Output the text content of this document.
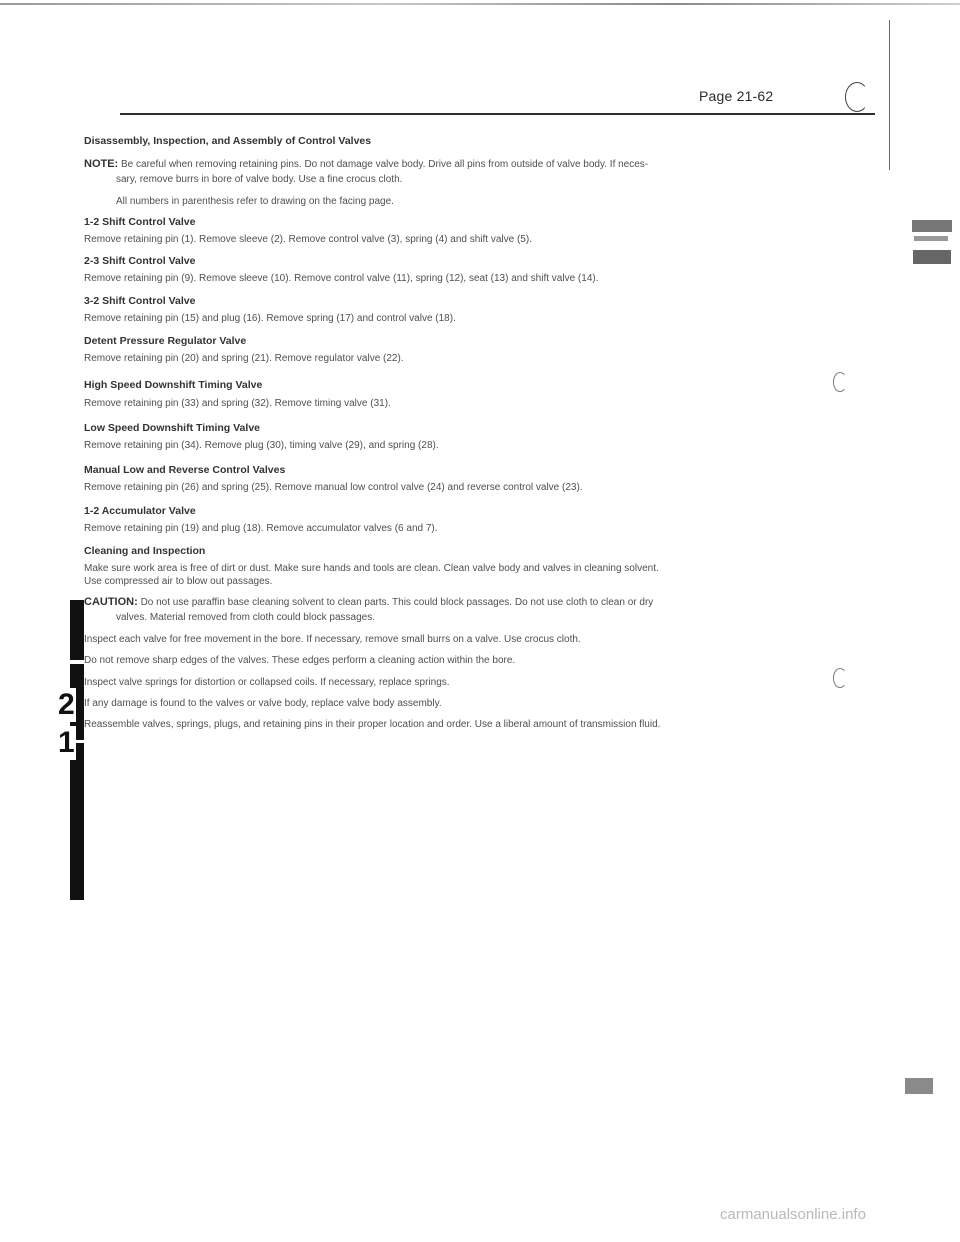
Page 21-62
Disassembly, Inspection, and Assembly of Control Valves
NOTE: Be careful when removing retaining pins. Do not damage valve body. Drive all pins from outside of valve body. If neces-
sary, remove burrs in bore of valve body. Use a fine crocus cloth.
All numbers in parenthesis refer to drawing on the facing page.
1-2 Shift Control Valve
Remove retaining pin (1). Remove sleeve (2). Remove control valve (3), spring (4) and shift valve (5).
2-3 Shift Control Valve
Remove retaining pin (9). Remove sleeve (10). Remove control valve (11), spring (12), seat (13) and shift valve (14).
3-2 Shift Control Valve
Remove retaining pin (15) and plug (16). Remove spring (17) and control valve (18).
Detent Pressure Regulator Valve
Remove retaining pin (20) and spring (21). Remove regulator valve (22).
High Speed Downshift Timing Valve
Remove retaining pin (33) and spring (32). Remove timing valve (31).
Low Speed Downshift Timing Valve
Remove retaining pin (34). Remove plug (30), timing valve (29), and spring (28).
Manual Low and Reverse Control Valves
Remove retaining pin (26) and spring (25). Remove manual low control valve (24) and reverse control valve (23).
1-2 Accumulator Valve
Remove retaining pin (19) and plug (18). Remove accumulator valves (6 and 7).
Cleaning and Inspection
Make sure work area is free of dirt or dust. Make sure hands and tools are clean. Clean valve body and valves in cleaning solvent.
Use compressed air to blow out passages.
CAUTION: Do not use paraffin base cleaning solvent to clean parts. This could block passages. Do not use cloth to clean or dry
valves. Material removed from cloth could block passages.
Inspect each valve for free movement in the bore. If necessary, remove small burrs on a valve. Use crocus cloth.
Do not remove sharp edges of the valves. These edges perform a cleaning action within the bore.
Inspect valve springs for distortion or collapsed coils. If necessary, replace springs.
If any damage is found to the valves or valve body, replace valve body assembly.
Reassemble valves, springs, plugs, and retaining pins in their proper location and order. Use a liberal amount of transmission fluid.
2
1
carmanualsonline.info
